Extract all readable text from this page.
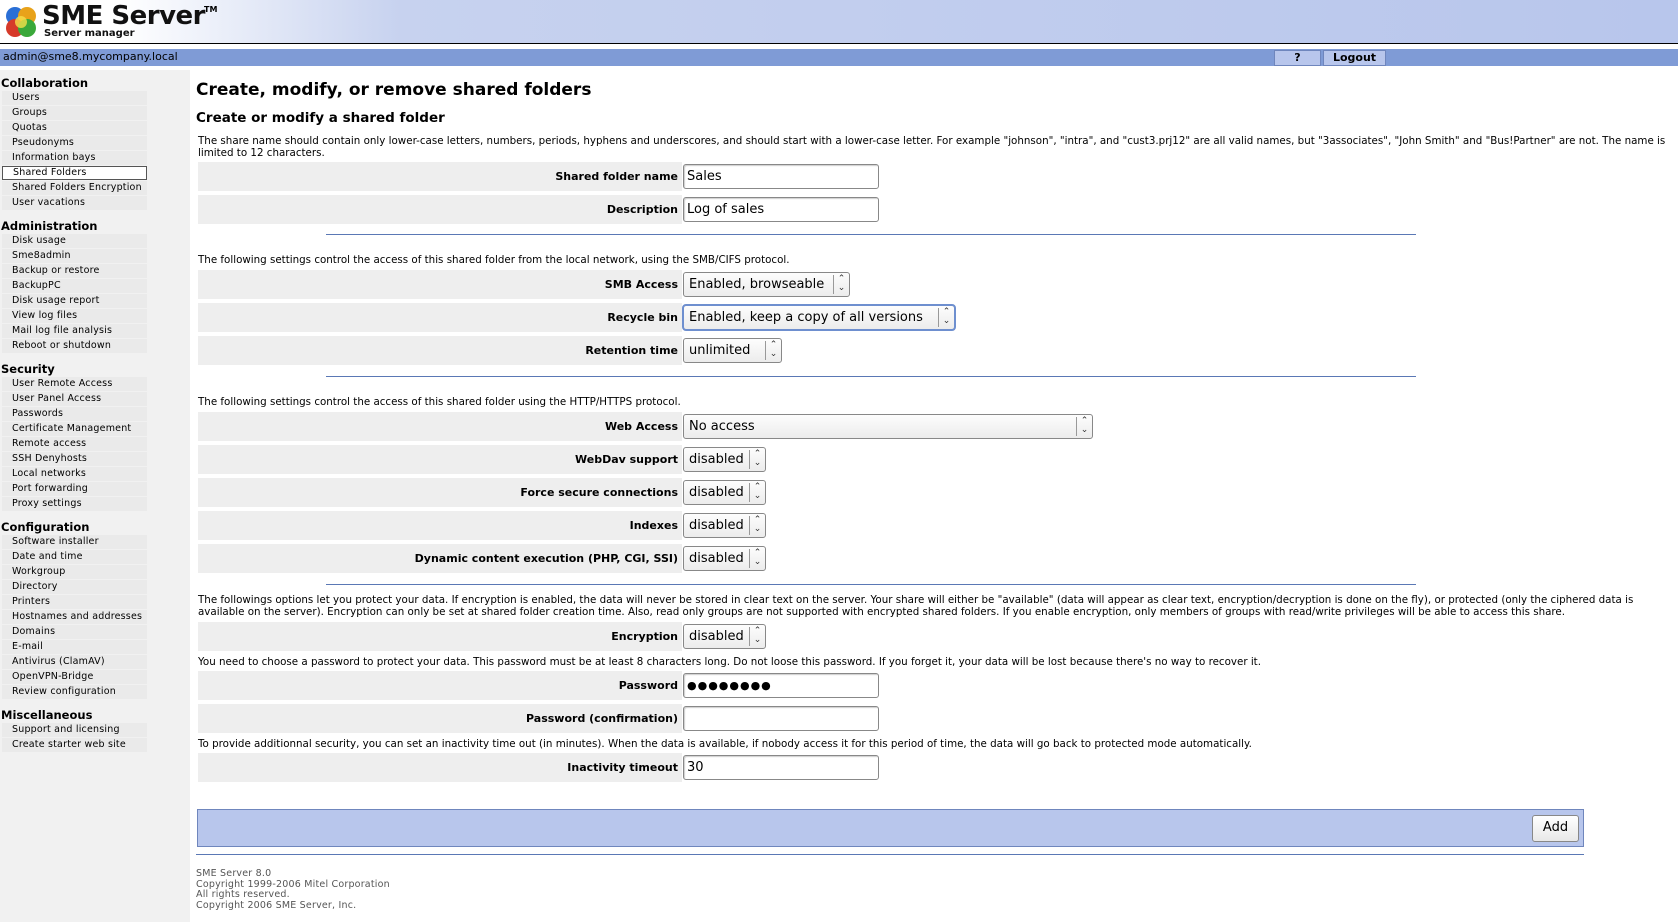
SME Server TM
Server manager
admin@sme8.mycompany.local	?	Logout
Collaboration
Users
Groups
Quotas
Pseudonyms
Information bays
Shared Folders
Shared Folders Encryption
User vacations
Administration
Disk usage
Sme8admin
Backup or restore
BackupPC
Disk usage report
View log files
Mail log file analysis
Reboot or shutdown
Security
User Remote Access
User Panel Access
Passwords
Certificate Management
Remote access
SSH Denyhosts
Local networks
Port forwarding
Proxy settings
Configuration
Software installer
Date and time
Workgroup
Directory
Printers
Hostnames and addresses
Domains
E-mail
Antivirus (ClamAV)
OpenVPN-Bridge
Review configuration
Miscellaneous
Support and licensing
Create starter web site
Create, modify, or remove shared folders
Create or modify a shared folder
The share name should contain only lower-case letters, numbers, periods, hyphens and underscores, and should start with a lower-case letter. For example "johnson", "intra", and "cust3.prj12" are all valid names, but "3associates", "John Smith" and "Bus!Partner" are not. The name is limited to 12 characters.
Shared folder name Sales
Description Log of sales
The following settings control the access of this shared folder from the local network, using the SMB/CIFS protocol.
SMB Access Enabled, browseable	⌃
⌄
Recycle bin Enabled, keep a copy of all versions	⌃
⌄
Retention time unlimited	⌃
⌄
The following settings control the access of this shared folder using the HTTP/HTTPS protocol.
Web Access No access	⌃
⌄
WebDav support disabled	⌃
⌄
Force secure connections disabled	⌃
⌄
Indexes disabled	⌃
⌄
Dynamic content execution (PHP, CGI, SSI) disabled	⌃
⌄
The followings options let you protect your data. If encryption is enabled, the data will never be stored in clear text on the server. Your share will either be "available" (data will appear as clear text, encryption/decryption is done on the fly), or protected (only the ciphered data is available on the server). Encryption can only be set at shared folder creation time. Also, read only groups are not supported with encrypted shared folders. If you enable encryption, only members of groups with read/write privileges will be able to access this share.
Encryption disabled	⌃
⌄
You need to choose a password to protect your data. This password must be at least 8 characters long. Do not loose this password. If you forget it, your data will be lost because there's no way to recover it.
Password ●●●●●●●●
Password (confirmation)
To provide additionnal security, you can set an inactivity time out (in minutes). When the data is available, if nobody access it for this period of time, the data will go back to protected mode automatically.
Inactivity timeout 30
Add
SME Server 8.0
Copyright 1999-2006 Mitel Corporation
All rights reserved.
Copyright 2006 SME Server, Inc.
